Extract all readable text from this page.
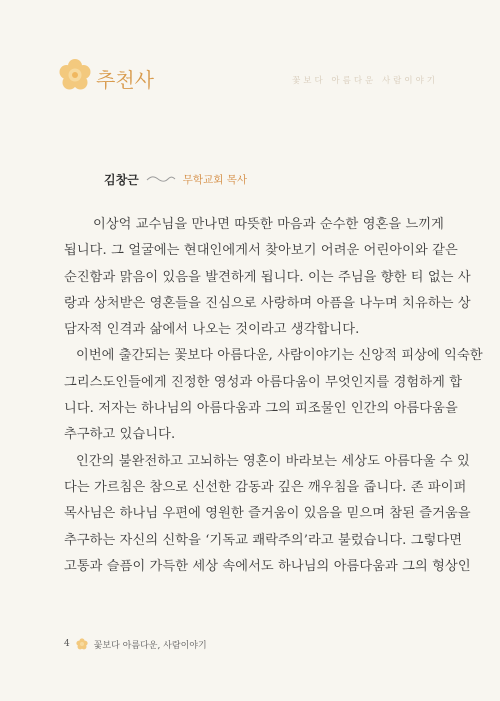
추천사	꽃보다 아름다운 사람이야기
김창근	무학교회 목사
이상억 교수님을 만나면 따뜻한 마음과 순수한 영혼을 느끼게
됩니다. 그 얼굴에는 현대인에게서 찾아보기 어려운 어린아이와 같은
순진함과 맑음이 있음을 발견하게 됩니다. 이는 주님을 향한 티 없는 사
랑과 상처받은 영혼들을 진심으로 사랑하며 아픔을 나누며 치유하는 상
담자적 인격과 삶에서 나오는 것이라고 생각합니다.
이번에 출간되는 꽃보다 아름다운, 사람이야기는 신앙적 피상에 익숙한
그리스도인들에게 진정한 영성과 아름다움이 무엇인지를 경험하게 합
니다. 저자는 하나님의 아름다움과 그의 피조물인 인간의 아름다움을
추구하고 있습니다.
인간의 불완전하고 고뇌하는 영혼이 바라보는 세상도 아름다울 수 있
다는 가르침은 참으로 신선한 감동과 깊은 깨우침을 줍니다. 존 파이퍼
목사님은 하나님 우편에 영원한 즐거움이 있음을 믿으며 참된 즐거움을
추구하는 자신의 신학을 ‘기독교 쾌락주의’라고 불렀습니다. 그렇다면
고통과 슬픔이 가득한 세상 속에서도 하나님의 아름다움과 그의 형상인
4	꽃보다 아름다운, 사람이야기
